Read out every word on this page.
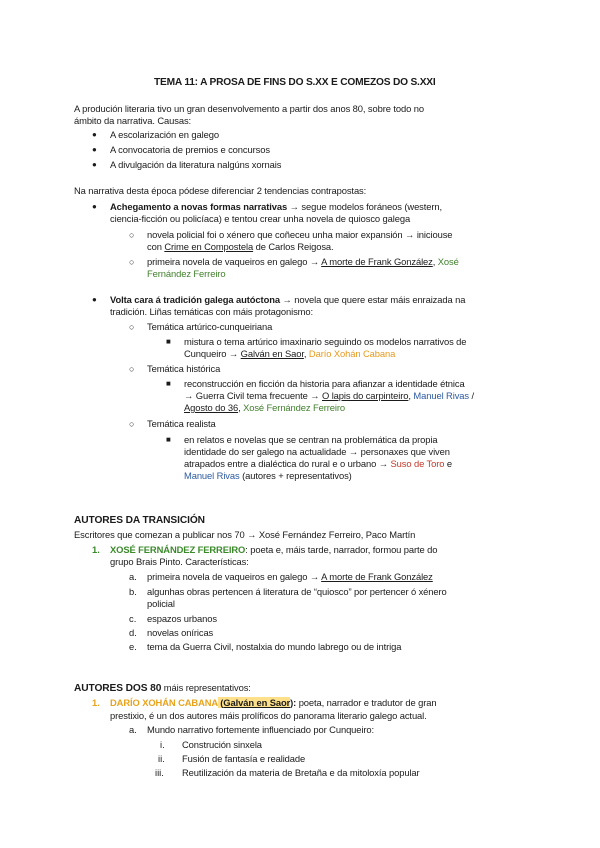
TEMA 11: A PROSA DE FINS DO S.XX E COMEZOS DO S.XXI
A produción literaria tivo un gran desenvolvemento a partir dos anos 80, sobre todo no
ámbito da narrativa. Causas:
● A escolarización en galego
● A convocatoria de premios e concursos
● A divulgación da literatura nalgúns xornais
Na narrativa desta época pódese diferenciar 2 tendencias contrapostas:
● Achegamento a novas formas narrativas → segue modelos foráneos (western,
ciencia-ficción ou policíaca) e tentou crear unha novela de quiosco galega
○ novela policial foi o xénero que coñeceu unha maior expansión → iniciouse
con Crime en Compostela de Carlos Reigosa.
○ primeira novela de vaqueiros en galego → A morte de Frank González, Xosé
Fernández Ferreiro
● Volta cara á tradición galega autóctona → novela que quere estar máis enraizada na
tradición. Liñas temáticas con máis protagonismo:
○ Temática artúrico-cunqueiriana
■ mistura o tema artúrico imaxinario seguindo os modelos narrativos de
Cunqueiro → Galván en Saor, Darío Xohán Cabana
○ Temática histórica
■ reconstrucción en ficción da historia para afianzar a identidade étnica
→ Guerra Civil tema frecuente → O lapis do carpinteiro, Manuel Rivas /
Agosto do 36, Xosé Fernández Ferreiro
○ Temática realista
■ en relatos e novelas que se centran na problemática da propia
identidade do ser galego na actualidade → personaxes que viven
atrapados entre a dialéctica do rural e o urbano → Suso de Toro e
Manuel Rivas (autores + representativos)
AUTORES DA TRANSICIÓN
Escritores que comezan a publicar nos 70 → Xosé Fernández Ferreiro, Paco Martín
1. XOSÉ FERNÁNDEZ FERREIRO: poeta e, máis tarde, narrador, formou parte do
grupo Brais Pinto. Características:
a. primeira novela de vaqueiros en galego → A morte de Frank González
b. algunhas obras pertencen á literatura de “quiosco” por pertencer ó xénero
policial
c. espazos urbanos
d. novelas oníricas
e. tema da Guerra Civil, nostalxia do mundo labrego ou de intriga
AUTORES DOS 80 máis representativos:
1. DARÍO XOHÁN CABANA (Galván en Saor): poeta, narrador e tradutor de gran
prestixio, é un dos autores máis prolíficos do panorama literario galego actual.
a. Mundo narrativo fortemente influenciado por Cunqueiro:
i. Construción sinxela
ii. Fusión de fantasía e realidade
iii. Reutilización da materia de Bretaña e da mitoloxía popular
